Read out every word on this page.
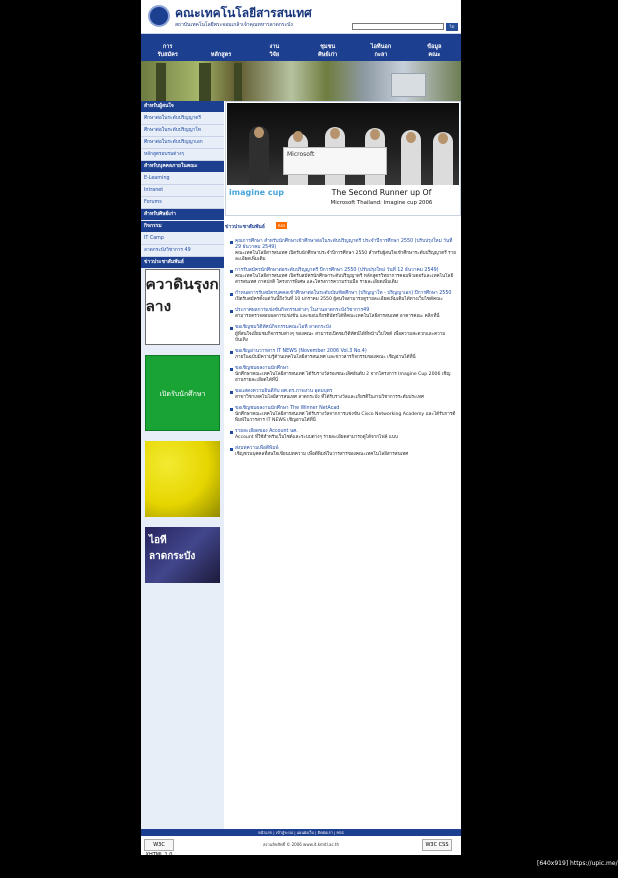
คณะเทคโนโลยีสารสนเทศ
สถาบันเทคโนโลยีพระจอมเกล้าเจ้าคุณทหารลาดกระบัง	ไป
การ
รับสมัคร	หลักสูตร
งาน
วิจัย
ชุมชน
ศิษย์เก่า
ไอทีนอก
กะลา
ข้อมูล
คณะ
สำหรับผู้สนใจ
ศึกษาต่อในระดับปริญญาตรี
ศึกษาต่อในระดับปริญญาโท
ศึกษาต่อในระดับปริญญาเอก
หลักสูตรอบรมต่างๆ
สำหรับบุคคลภายในคณะ
E-Learning
Intranet
Forums
สำหรับศิษย์เก่า
กิจกรรม
IT Camp
ลาดกระบังวิชาการ 49
ข่าวประชาสัมพันธ์
ควาดินรุงกลาง
เปิดรับนักศึกษา
ไอที ลาดกระบัง
Microsoft
imagine cup	The Second Runner up Of
Microsoft Thailand: Imagine cup 2006
ข่าวประชาสัมพันธ์	RSS
คุณการศึกษา สำหรับนักศึกษาเข้าศึกษาต่อในระดับปริญญาตรี ประจำปีการศึกษา 2550 (ปรับปรุงใหม่ วันที่ 29 ธันวาคม 2549)
คณะเทคโนโลยีสารสนเทศ เปิดรับนักศึกษาประจำปีการศึกษา 2550 สำหรับผู้สนใจเข้าศึกษาระดับปริญญาตรี รายละเอียดเพิ่มเติม
การรับสมัครนักศึกษาต่อระดับปริญญาตรี ปีการศึกษา 2550 (ปรับปรุงใหม่ วันที่ 12 ธันวาคม 2549)
คณะเทคโนโลยีสารสนเทศ เปิดรับสมัครนักศึกษาระดับปริญญาตรี หลักสูตรวิทยาการคอมพิวเตอร์และเทคโนโลยีสารสนเทศ ภาคปกติ โครงการพิเศษ และโครงการความร่วมมือ รายละเอียดเพิ่มเติม
กำหนดการรับสมัครบุคคลเข้าศึกษาต่อในระดับบัณฑิตศึกษา (ปริญญาโท - ปริญญาเอก) ปีการศึกษา 2550
เปิดรับสมัครตั้งแต่วันนี้ถึงวันที่ 10 มกราคม 2550 ผู้สนใจสามารถดูรายละเอียดเพิ่มเติมได้ทางเว็บไซต์คณะ
ประกาศผลการแข่งขันกิจกรรมต่างๆ ในงานลาดกระบังวิชาการ49
สามารถตรวจสอบผลการแข่งขัน และขอบเกียรติบัตรได้ที่คณะเทคโนโลยีสารสนเทศ อาคารคณะ คลิกที่นี่
ขอเชิญชมวิดีทัศน์กิจกรรมคณะไอที ลาดกระบัง
ผู้ที่สนใจเยี่ยมชมกิจกรรมต่างๆ ของคณะ สามารถเปิดชมวิดีทัศน์ได้ที่หน้าเว็บไซต์ เพื่อความสะดวกและความบันเทิง
ขอเชิญอ่านวารสาร IT NEWS (November 2006 Vol.3 No.4)
ภายในฉบับมีความรู้ด้านเทคโนโลยีสารสนเทศ และข่าวสารกิจกรรมของคณะ เชิญอ่านได้ที่นี่
ขอเชิญชมผลงานนักศึกษา
นักศึกษาคณะเทคโนโลยีสารสนเทศ ได้รับรางวัลรองชนะเลิศอันดับ 2 จากโครงการ Imagine Cup 2006 เชิญอ่านรายละเอียดได้ที่นี่
ขอแสดงความยินดีกับ ผศ.ดร.ภาพงาน อุดมบุตร
สาขาวิชาเทคโนโลยีสารสนเทศ ลาดกระบัง ที่ได้รับรางวัลและเกียรติในงานวิชาการระดับประเทศ
ขอเชิญชมผลงานนักศึกษา The Winner NetAcad
นักศึกษาคณะเทคโนโลยีสารสนเทศ ได้รับรางวัลจากการแข่งขัน Cisco Networking Academy และได้รับการตีพิมพ์ในวารสาร IT NEWS เชิญอ่านได้ที่นี่
รายละเอียดของ Account นศ.
Account ที่ใช้สำหรับเว็บไซต์และระบบต่างๆ รายละเอียดสามารถดูได้จากไฟล์ แนบ
ส่งบทความเพื่อตีพิมพ์
เชิญชวนบุคคลที่สนใจเขียนบทความ เพื่อตีพิมพ์ในวารสารของคณะเทคโนโลยีสารสนเทศ
หน้าแรก | เข้าสู่ระบบ | แผนผังเว็บ | ติดต่อเรา | RSS
W3C XHTML 1.0
สงวนลิขสิทธิ์ © 2006 www.it.kmitl.ac.th	W3C CSS
[640x919] https://upic.me/
